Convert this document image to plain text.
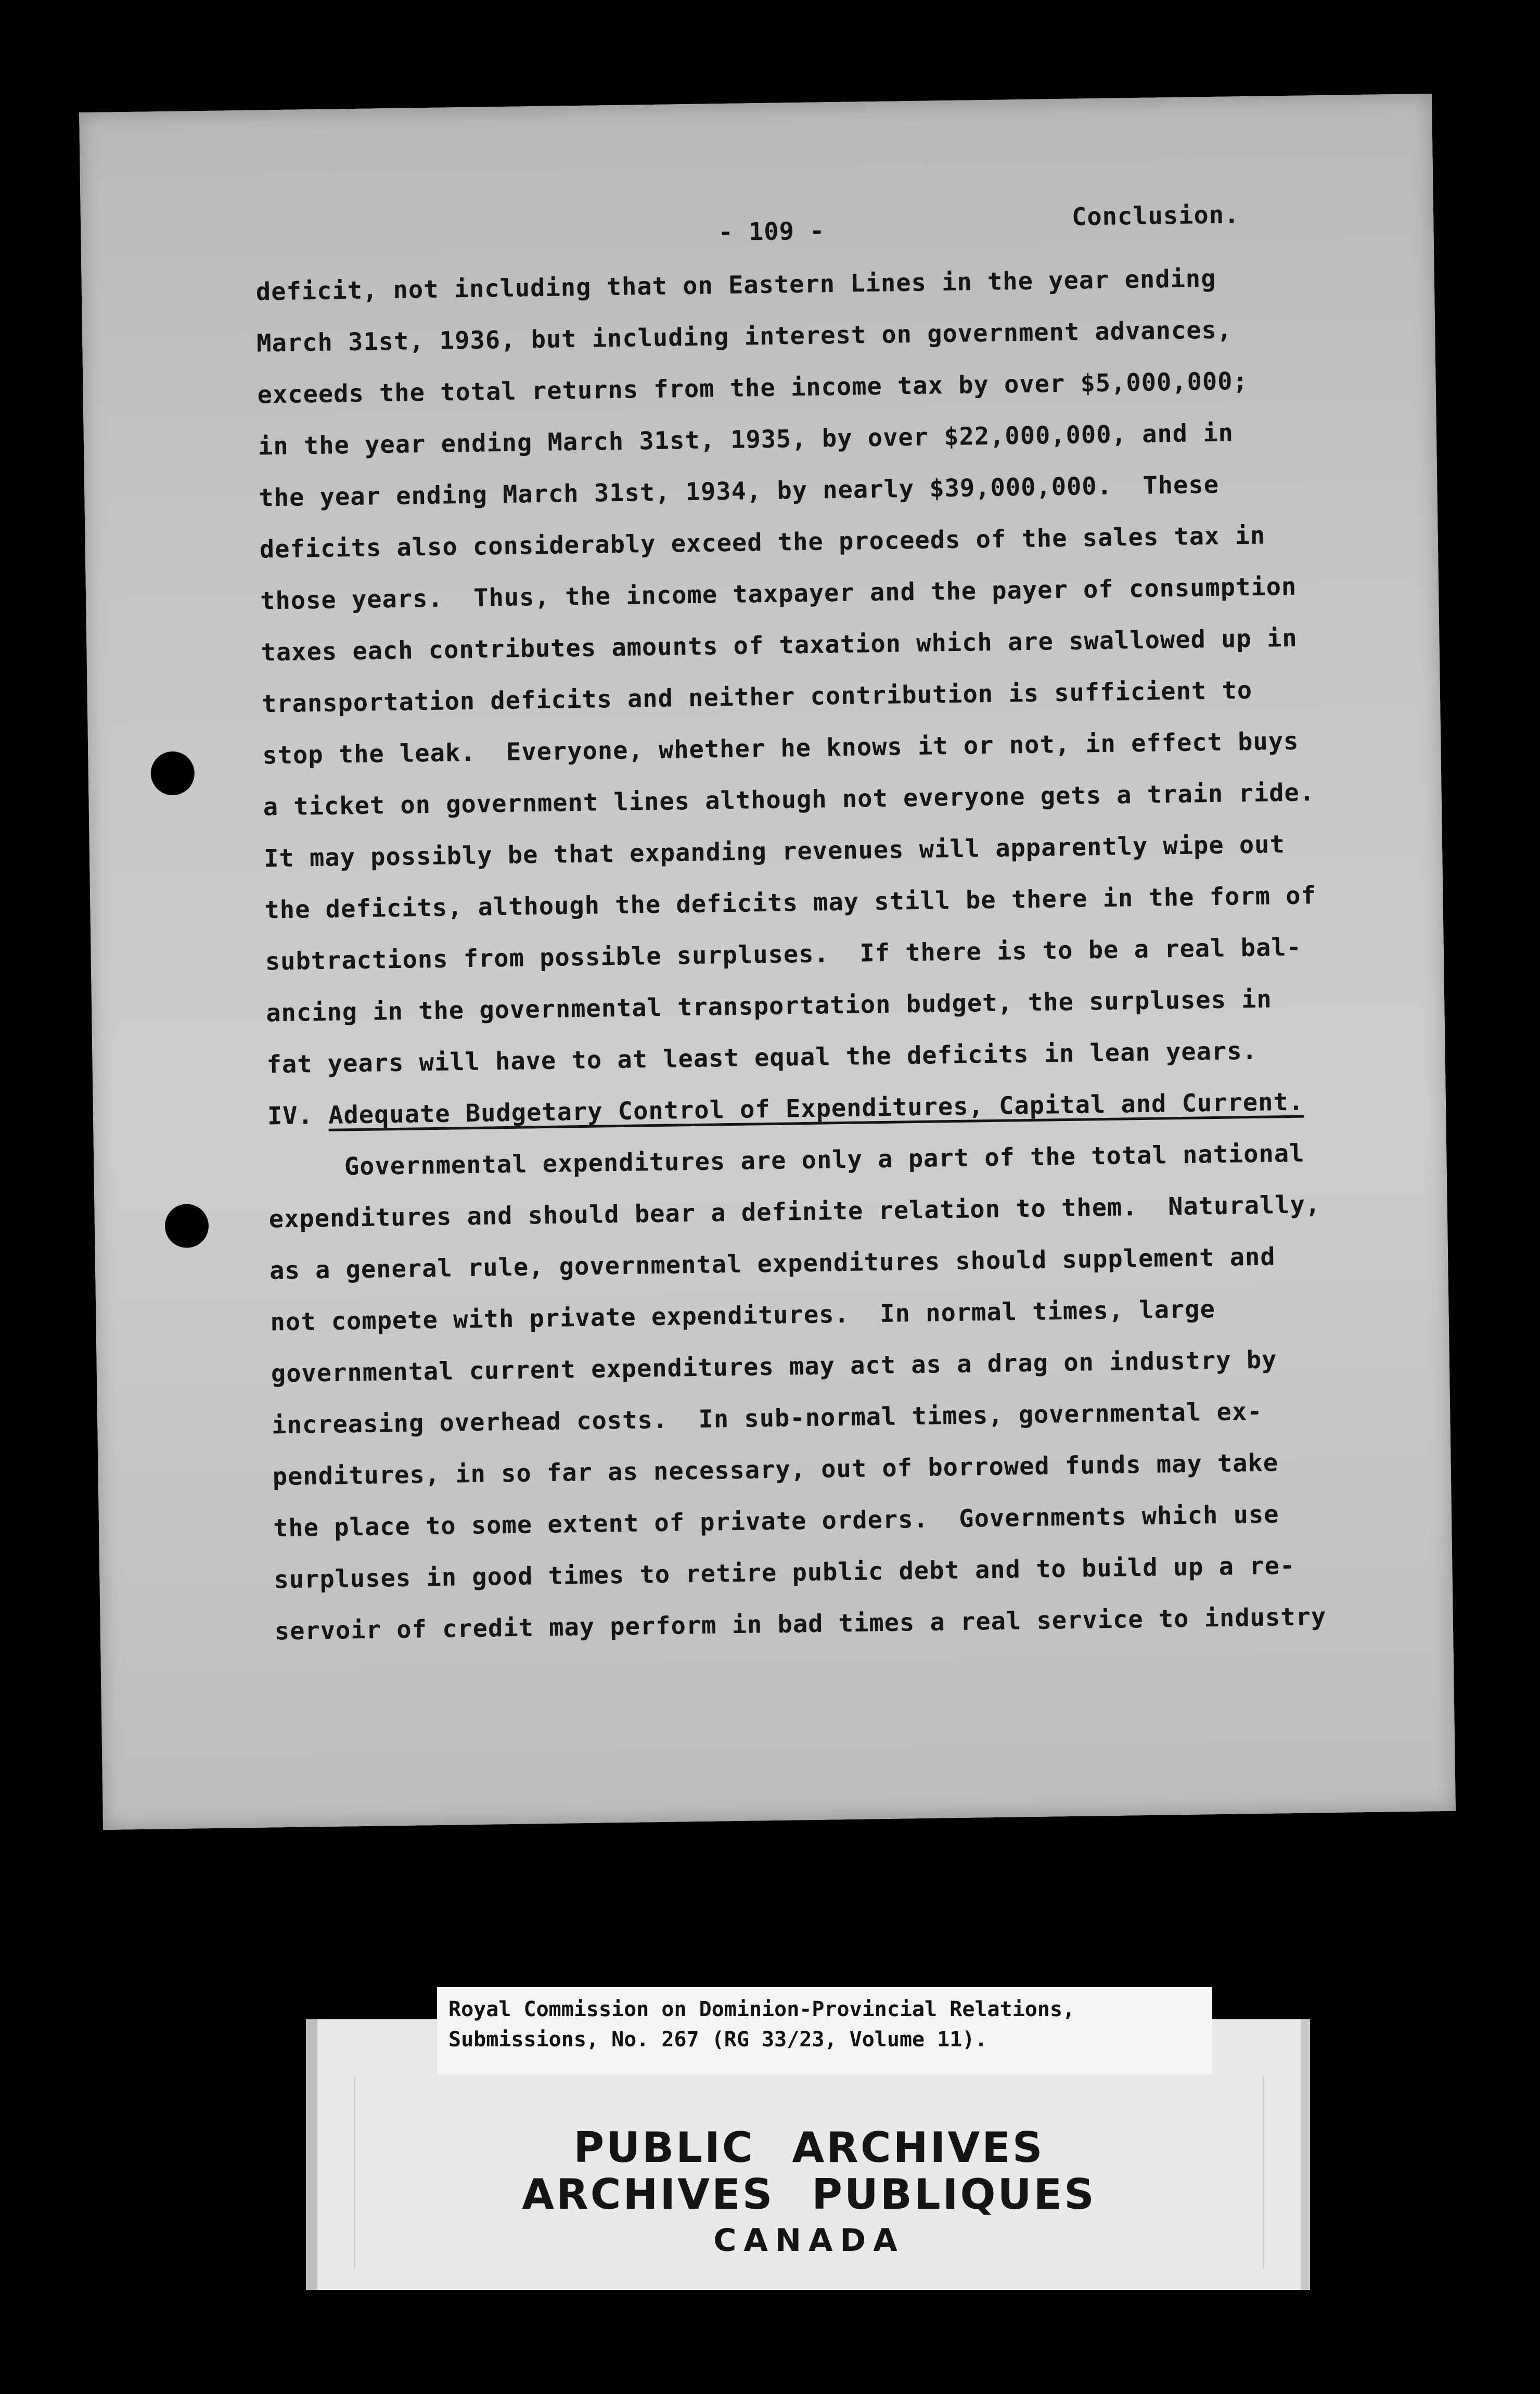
- 109 -
Conclusion.
deficit, not including that on Eastern Lines in the year ending
March 31st, 1936, but including interest on government advances,
exceeds the total returns from the income tax by over $5,000,000;
in the year ending March 31st, 1935, by over $22,000,000, and in
the year ending March 31st, 1934, by nearly $39,000,000.  These
deficits also considerably exceed the proceeds of the sales tax in
those years.  Thus, the income taxpayer and the payer of consumption
taxes each contributes amounts of taxation which are swallowed up in
transportation deficits and neither contribution is sufficient to
stop the leak.  Everyone, whether he knows it or not, in effect buys
a ticket on government lines although not everyone gets a train ride.
It may possibly be that expanding revenues will apparently wipe out
the deficits, although the deficits may still be there in the form of
subtractions from possible surpluses.  If there is to be a real bal-
ancing in the governmental transportation budget, the surpluses in
fat years will have to at least equal the deficits in lean years.
IV. Adequate Budgetary Control of Expenditures, Capital and Current.
Governmental expenditures are only a part of the total national
expenditures and should bear a definite relation to them.  Naturally,
as a general rule, governmental expenditures should supplement and
not compete with private expenditures.  In normal times, large
governmental current expenditures may act as a drag on industry by
increasing overhead costs.  In sub-normal times, governmental ex-
penditures, in so far as necessary, out of borrowed funds may take
the place to some extent of private orders.  Governments which use
surpluses in good times to retire public debt and to build up a re-
servoir of credit may perform in bad times a real service to industry
PUBLIC ARCHIVES
ARCHIVES PUBLIQUES
CANADA
Royal Commission on Dominion-Provincial Relations,
Submissions, No. 267 (RG 33/23, Volume 11).
